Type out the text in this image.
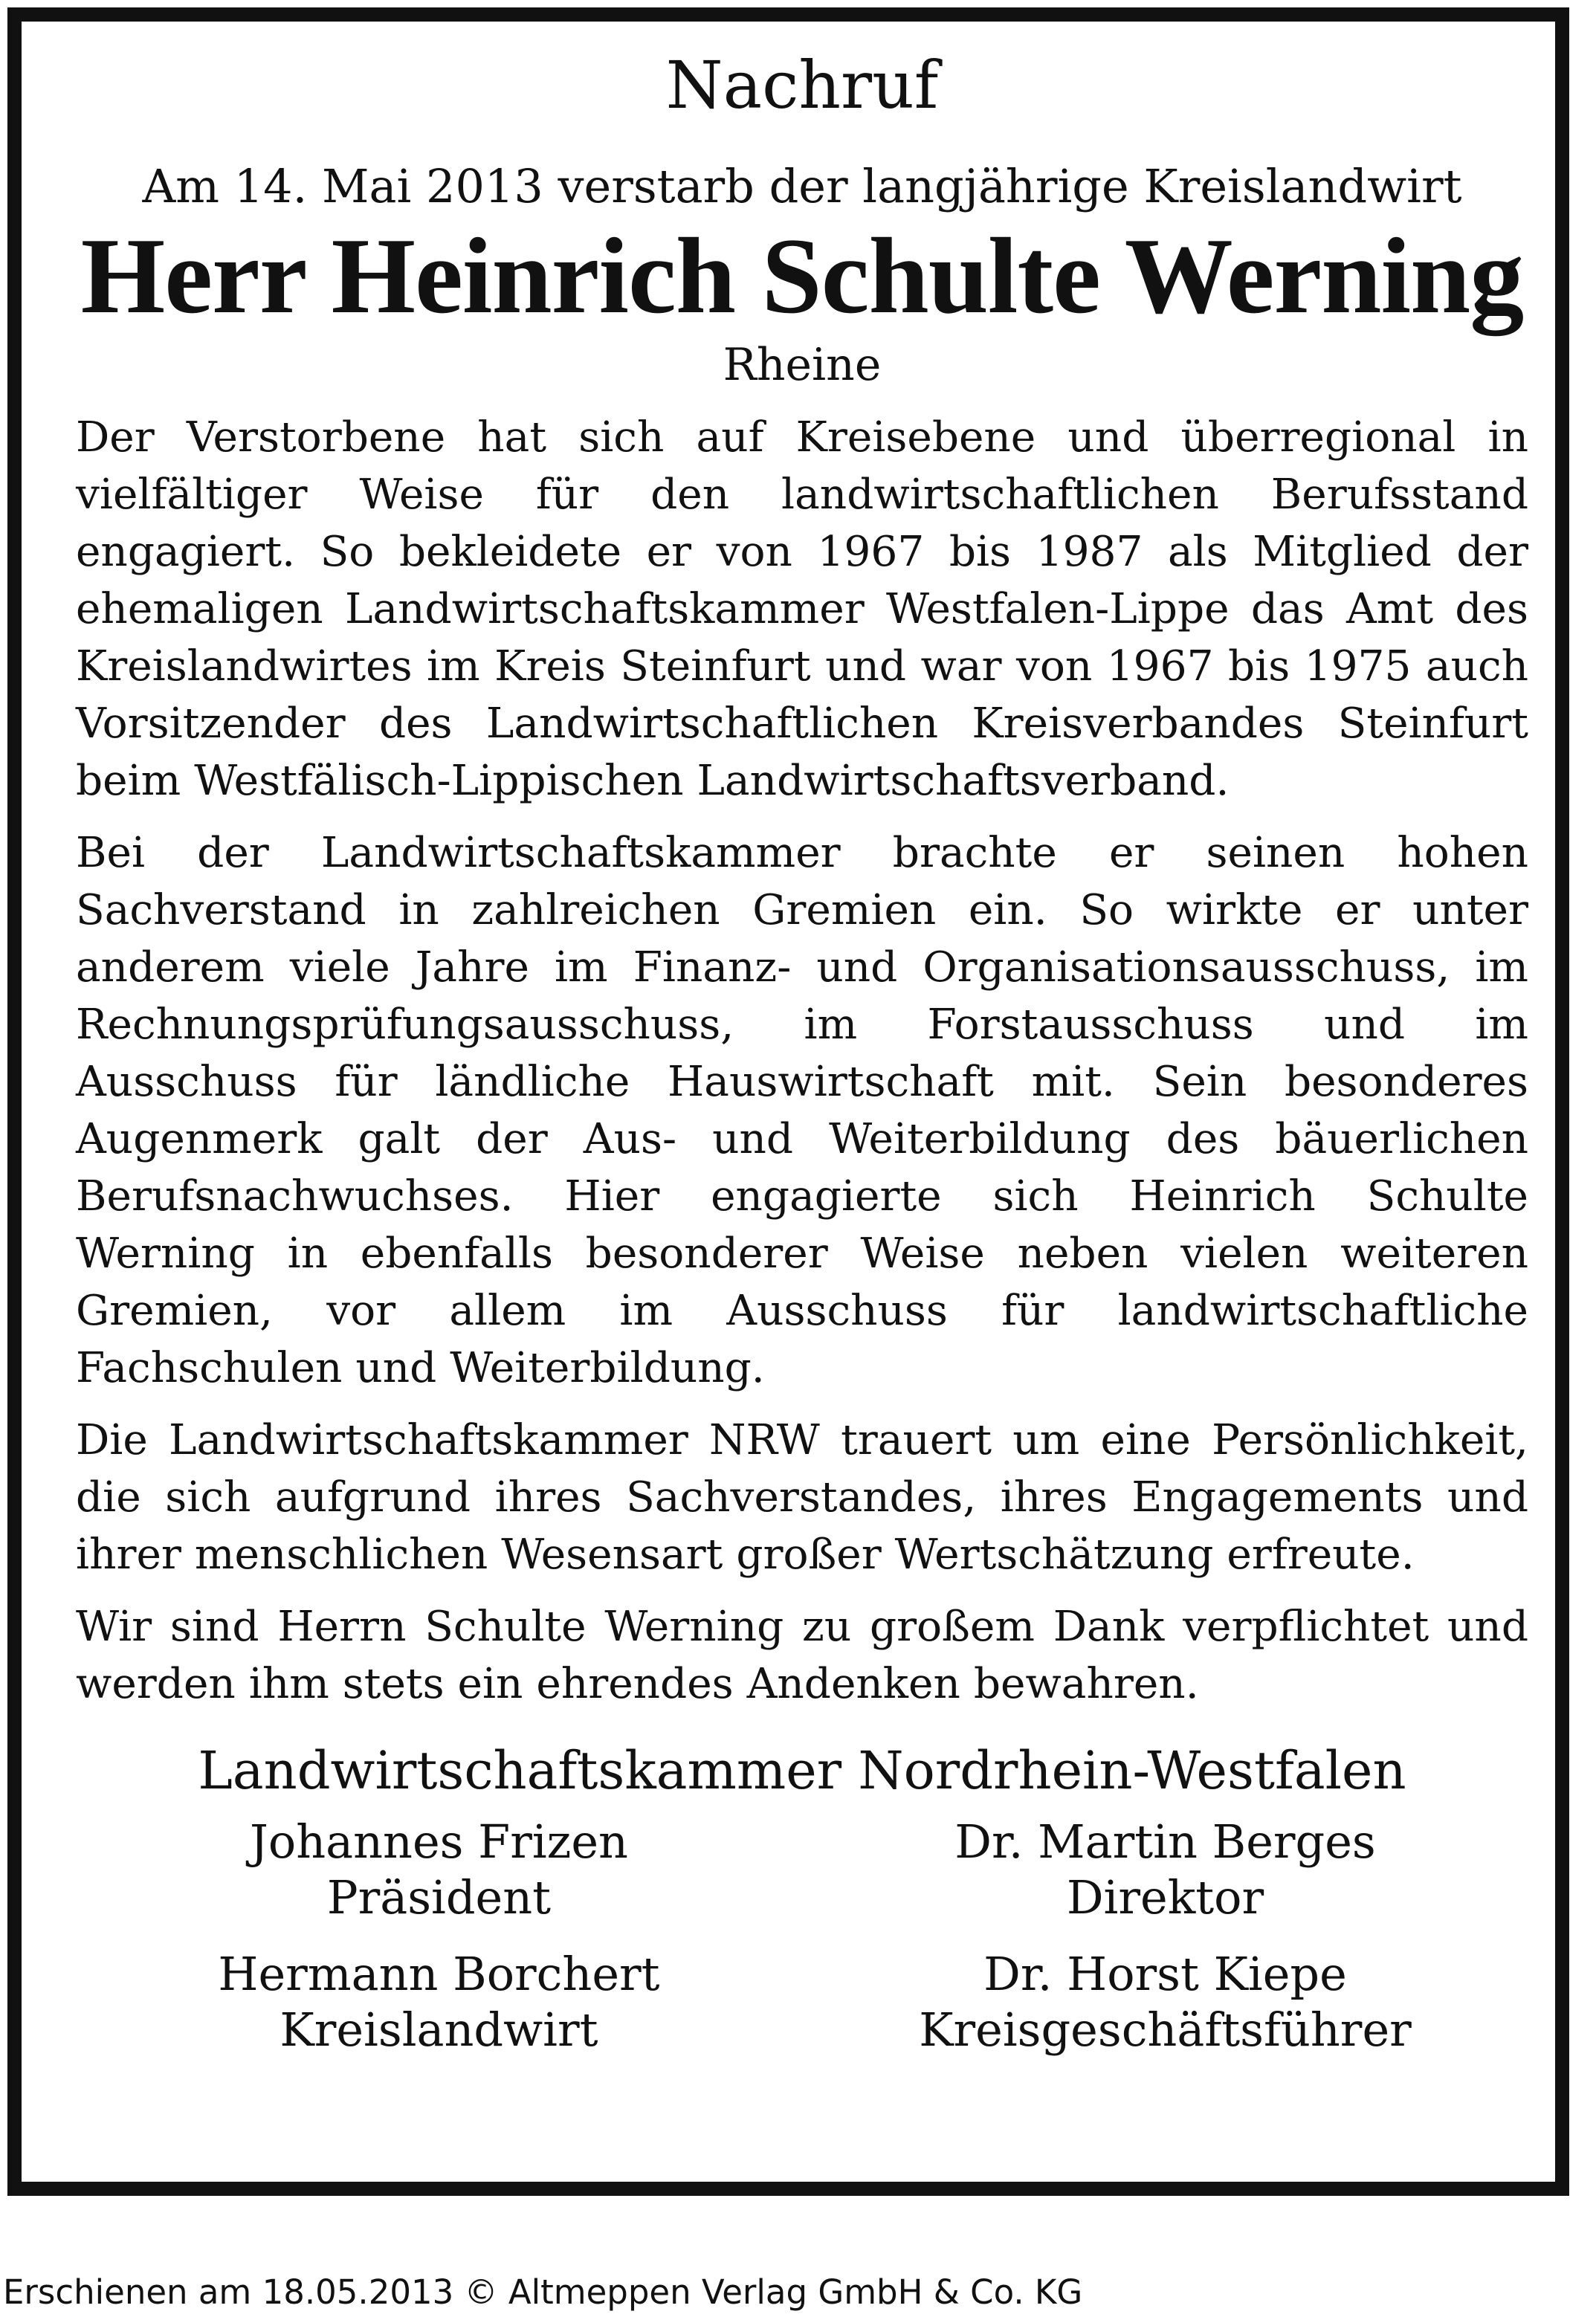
Nachruf

Am 14. Mai 2013 verstarb der langjährige Kreislandwirt

Herr Heinrich Schulte Werning

Rheine

Der Verstorbene hat sich auf Kreisebene und überregional in vielfältiger Weise für den landwirtschaftlichen Berufsstand engagiert. So bekleidete er von 1967 bis 1987 als Mitglied der ehemaligen Landwirtschaftskammer Westfalen-Lippe das Amt des Kreislandwirtes im Kreis Steinfurt und war von 1967 bis 1975 auch Vorsitzender des Landwirtschaftlichen Kreisverbandes Steinfurt beim Westfälisch-Lippischen Landwirtschaftsverband.

Bei der Landwirtschaftskammer brachte er seinen hohen Sachverstand in zahlreichen Gremien ein. So wirkte er unter anderem viele Jahre im Finanz- und Organisationsausschuss, im Rechnungsprüfungsausschuss, im Forstausschuss und im Ausschuss für ländliche Hauswirtschaft mit. Sein besonderes Augenmerk galt der Aus- und Weiterbildung des bäuerlichen Berufsnachwuchses. Hier engagierte sich Heinrich Schulte Werning in ebenfalls besonderer Weise neben vielen weiteren Gremien, vor allem im Ausschuss für landwirtschaftliche Fachschulen und Weiterbildung.

Die Landwirtschaftskammer NRW trauert um eine Persönlichkeit, die sich aufgrund ihres Sachverstandes, ihres Engagements und ihrer menschlichen Wesensart großer Wertschätzung erfreute.

Wir sind Herrn Schulte Werning zu großem Dank verpflichtet und werden ihm stets ein ehrendes Andenken bewahren.

Landwirtschaftskammer Nordrhein-Westfalen

Johannes Frizen
Präsident
Dr. Martin Berges
Direktor
Hermann Borchert
Kreislandwirt
Dr. Horst Kiepe
Kreisgeschäftsführer
Erschienen am 18.05.2013 © Altmeppen Verlag GmbH & Co. KG
